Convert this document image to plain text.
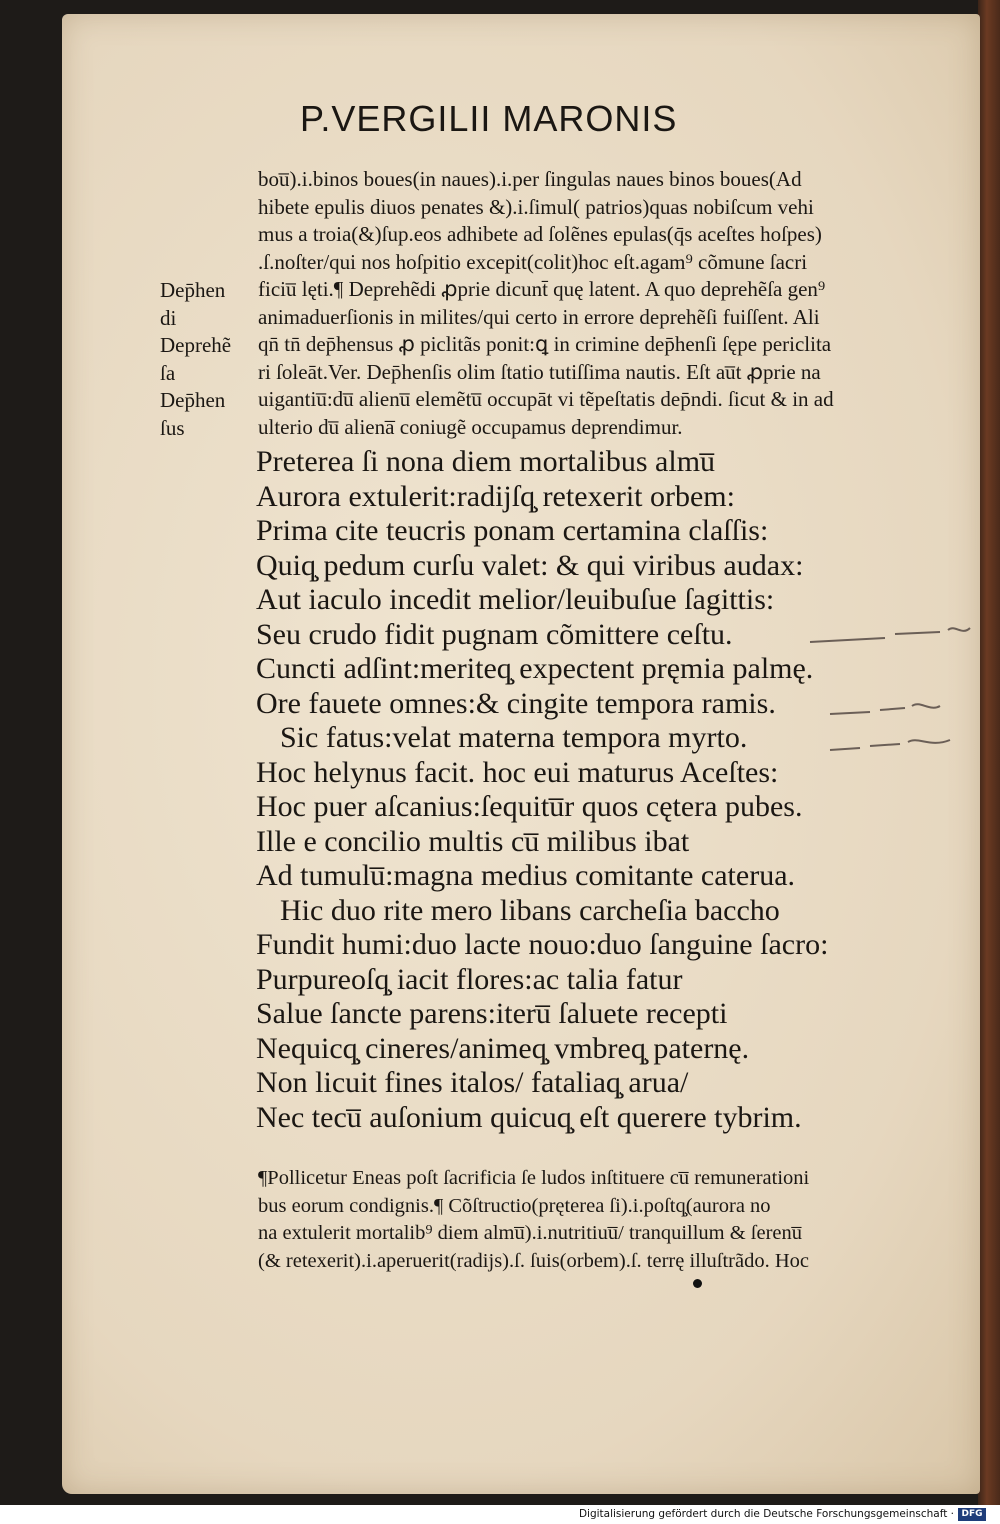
P.VERGILII MARONIS
bou̅).i.binos boues(in naues).i.per ſingulas naues binos boues(Ad
hibete epulis diuos penates &).i.ſimul( patrios)quas nobiſcum vehi
mus a troia(&)ſup.eos adhibete ad ſolẽnes epulas(q̄s aceſtes hoſpes)
.ſ.noſter/qui nos hoſpitio excepit(colit)hoc eſt.agam⁹ cõmune ſacri
ficiu̅ lęti.¶ Deprehẽdi ꝓprie dicunt̄ quę latent. A quo deprehẽſa gen⁹
animaduerſionis in milites/qui certo in errore deprehẽſi fuiſſent. Ali
qn̄ tn̄ dep̄hensus ꝓ piclitãs ponit:ꝗ in crimine dep̄henſi ſępe periclita
ri ſoleāt.Ver. Dep̄henſis olim ſtatio tutiſſima nautis. Eſt au̅t ꝓprie na
uigantiu̅:du̅ alienu̅ elemẽtu̅ occupāt vi tẽpeſtatis dep̄ndi. ſicut & in ad
ulterio du̅ aliena̅ coniugẽ occupamus deprendimur.
Dep̄hen
di
Deprehẽ
ſa
Dep̄hen
ſus
Preterea ſi nona diem mortalibus almu̅
Aurora extulerit:radijſq̧ retexerit orbem:
Prima cite teucris ponam certamina claſſis:
Quiq̧ pedum curſu valet: & qui viribus audax:
Aut iaculo incedit melior/leuibuſue ſagittis:
Seu crudo fidit pugnam cõmittere ceſtu.
Cuncti adſint:meriteq̧ expectent pręmia palmę.
Ore fauete omnes:& cingite tempora ramis.
Sic fatus:velat materna tempora myrto.
Hoc helynus facit. hoc eui maturus Aceſtes:
Hoc puer aſcanius:ſequitu̅r quos cętera pubes.
Ille e concilio multis cu̅ milibus ibat
Ad tumulu̅:magna medius comitante caterua.
Hic duo rite mero libans carcheſia baccho
Fundit humi:duo lacte nouo:duo ſanguine ſacro:
Purpureoſq̧ iacit flores:ac talia fatur
Salue ſancte parens:iteru̅ ſaluete recepti
Nequicq̧ cineres/animeq̧ vmbreq̧ paternę.
Non licuit fines italos/ fataliaq̧ arua/
Nec tecu̅ auſonium quicuq̧ eſt querere tybrim.
¶Pollicetur Eneas poſt ſacrificia ſe ludos inſtituere cu̅ remunerationi
bus eorum condignis.¶ Cõſtructio(pręterea ſi).i.poſtq̧(aurora no
na extulerit mortalib⁹ diem almu̅).i.nutritiuu̅/ tranquillum & ſerenu̅
(& retexerit).i.aperuerit(radijs).ſ. ſuis(orbem).ſ. terrę illuſtrãdo. Hoc
Digitalisierung gefördert durch die Deutsche Forschungsgemeinschaft · DFG
